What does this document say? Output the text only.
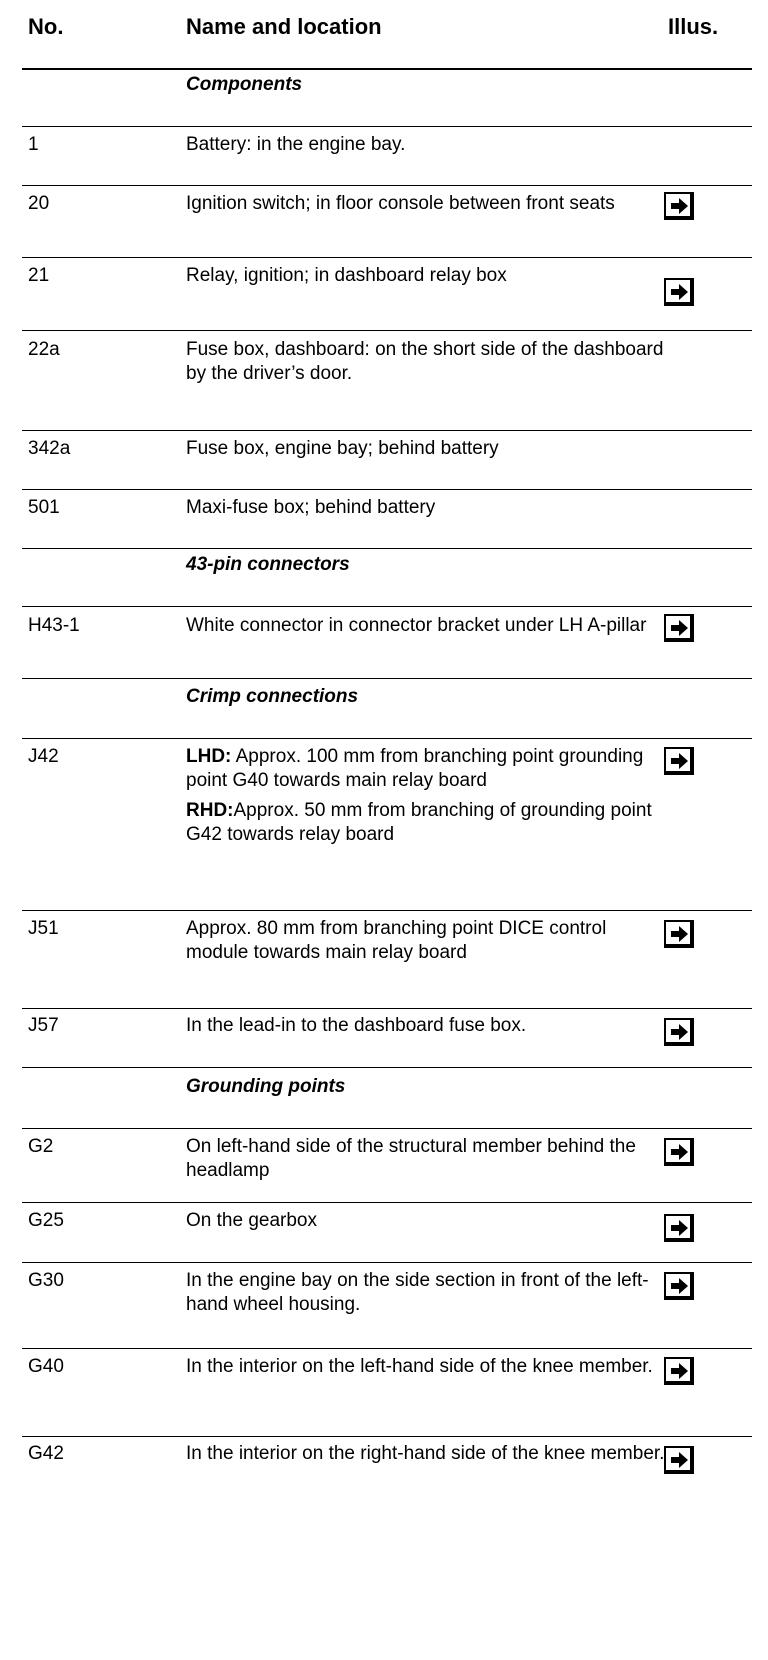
No.	Name and location	Illus.
Components
1	Battery: in the engine bay.
20	Ignition switch; in floor console between front seats
21	Relay, ignition; in dashboard relay box
22a	Fuse box, dashboard: on the short side of the dashboard by the driver’s door.
342a	Fuse box, engine bay; behind battery
501	Maxi-fuse box; behind battery
43-pin connectors
H43-1	White connector in connector bracket under LH A-pillar
Crimp connections
J42	LHD: Approx. 100 mm from branching point grounding point G40 towards main relay board
RHD:Approx. 50 mm from branching of grounding point G42 towards relay board
J51	Approx. 80 mm from branching point DICE control module towards main relay board
J57	In the lead-in to the dashboard fuse box.
Grounding points
G2	On left-hand side of the structural member behind the headlamp
G25	On the gearbox
G30	In the engine bay on the side section in front of the left-hand wheel housing.
G40	In the interior on the left-hand side of the knee member.
G42	In the interior on the right-hand side of the knee member.
